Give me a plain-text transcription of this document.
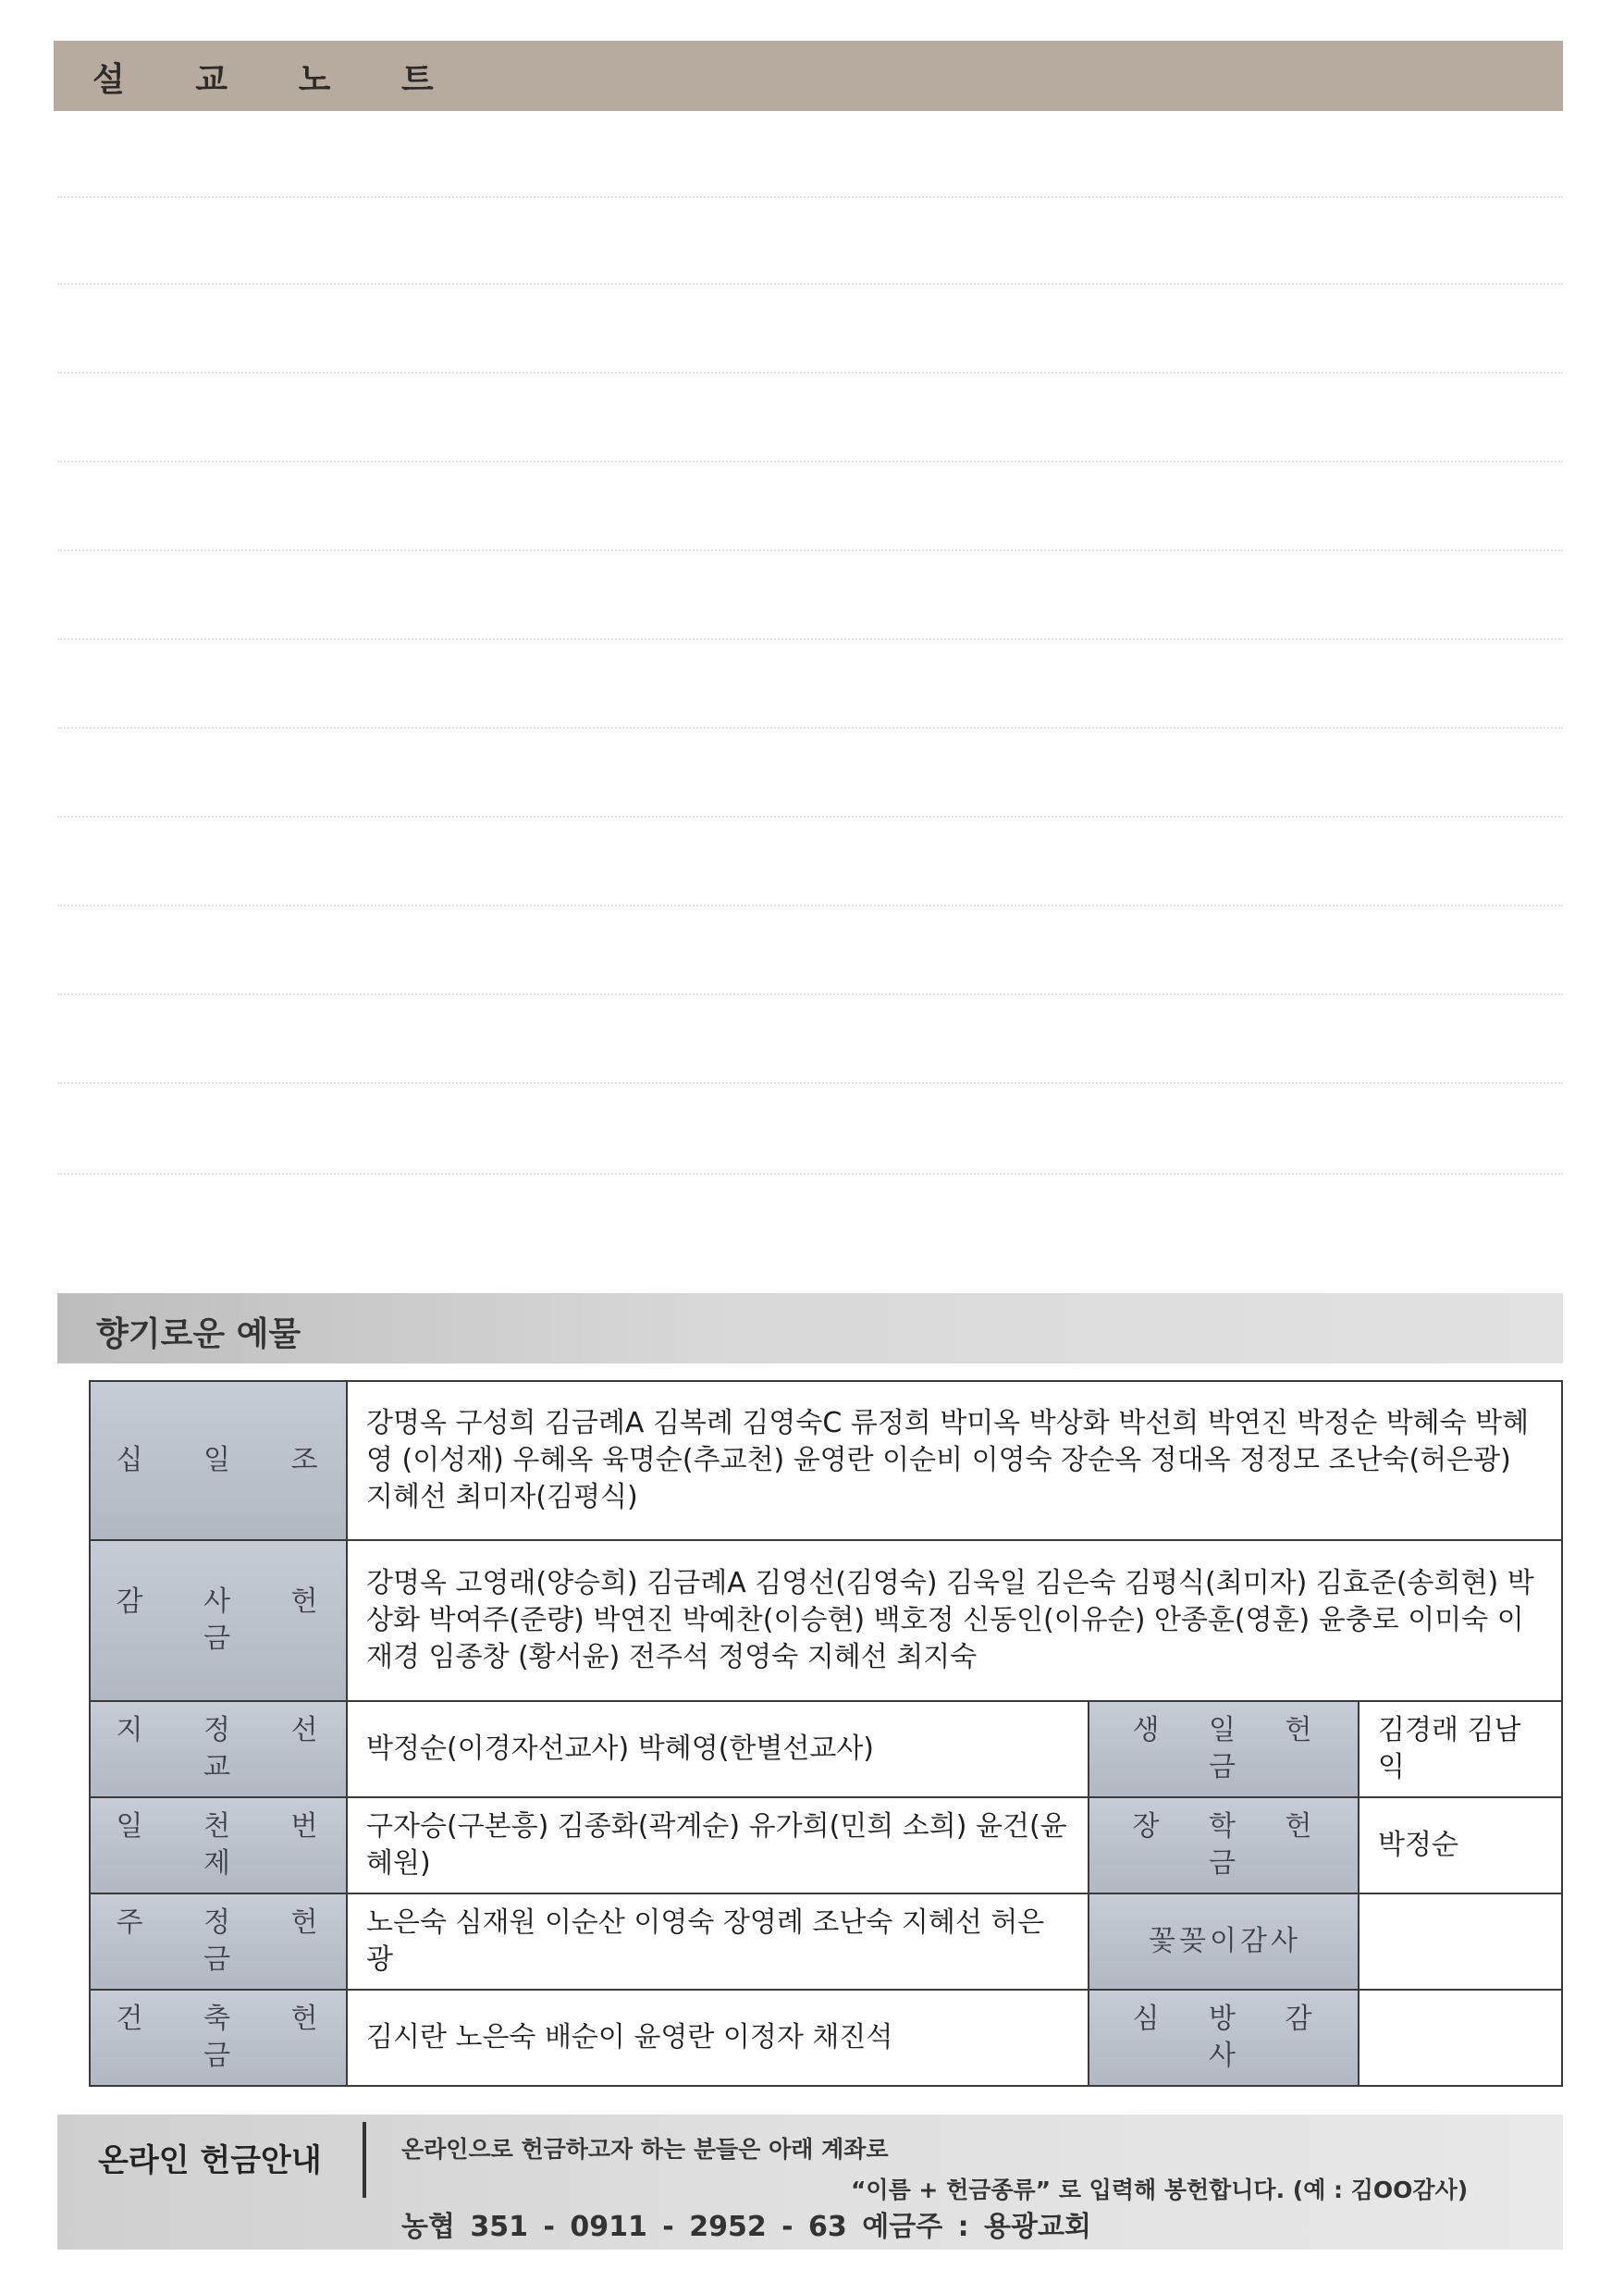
설 교 노 트
향기로운 예물
십 일 조	강명옥 구성희 김금례A 김복례 김영숙C 류정희 박미옥 박상화 박선희 박연진 박정순 박혜숙 박혜영 (이성재) 우혜옥 육명순(추교천) 윤영란 이순비 이영숙 장순옥 정대옥 정정모 조난숙(허은광) 지혜선 최미자(김평식)		
감 사 헌 금	강명옥 고영래(양승희) 김금례A 김영선(김영숙) 김욱일 김은숙 김평식(최미자) 김효준(송희현) 박상화 박여주(준량) 박연진 박예찬(이승현) 백호정 신동인(이유순) 안종훈(영훈) 윤충로 이미숙 이재경 임종창 (황서윤) 전주석 정영숙 지혜선 최지숙		
지 정 선 교	박정순(이경자선교사) 박혜영(한별선교사)	생 일 헌 금	김경래 김남익
일 천 번 제	구자승(구본흥) 김종화(곽계순) 유가희(민희 소희) 윤건(윤혜원)	장 학 헌 금	박정순
주 정 헌 금	노은숙 심재원 이순산 이영숙 장영례 조난숙 지혜선 허은광	꽃꽂이감사	
건 축 헌 금	김시란 노은숙 배순이 윤영란 이정자 채진석	심 방 감 사	
온라인 헌금안내	온라인으로 헌금하고자 하는 분들은 아래 계좌로
“이름 + 헌금종류” 로 입력해 봉헌합니다. (예 : 김OO감사)
농협 351 - 0911 - 2952 - 63 예금주 : 용광교회
